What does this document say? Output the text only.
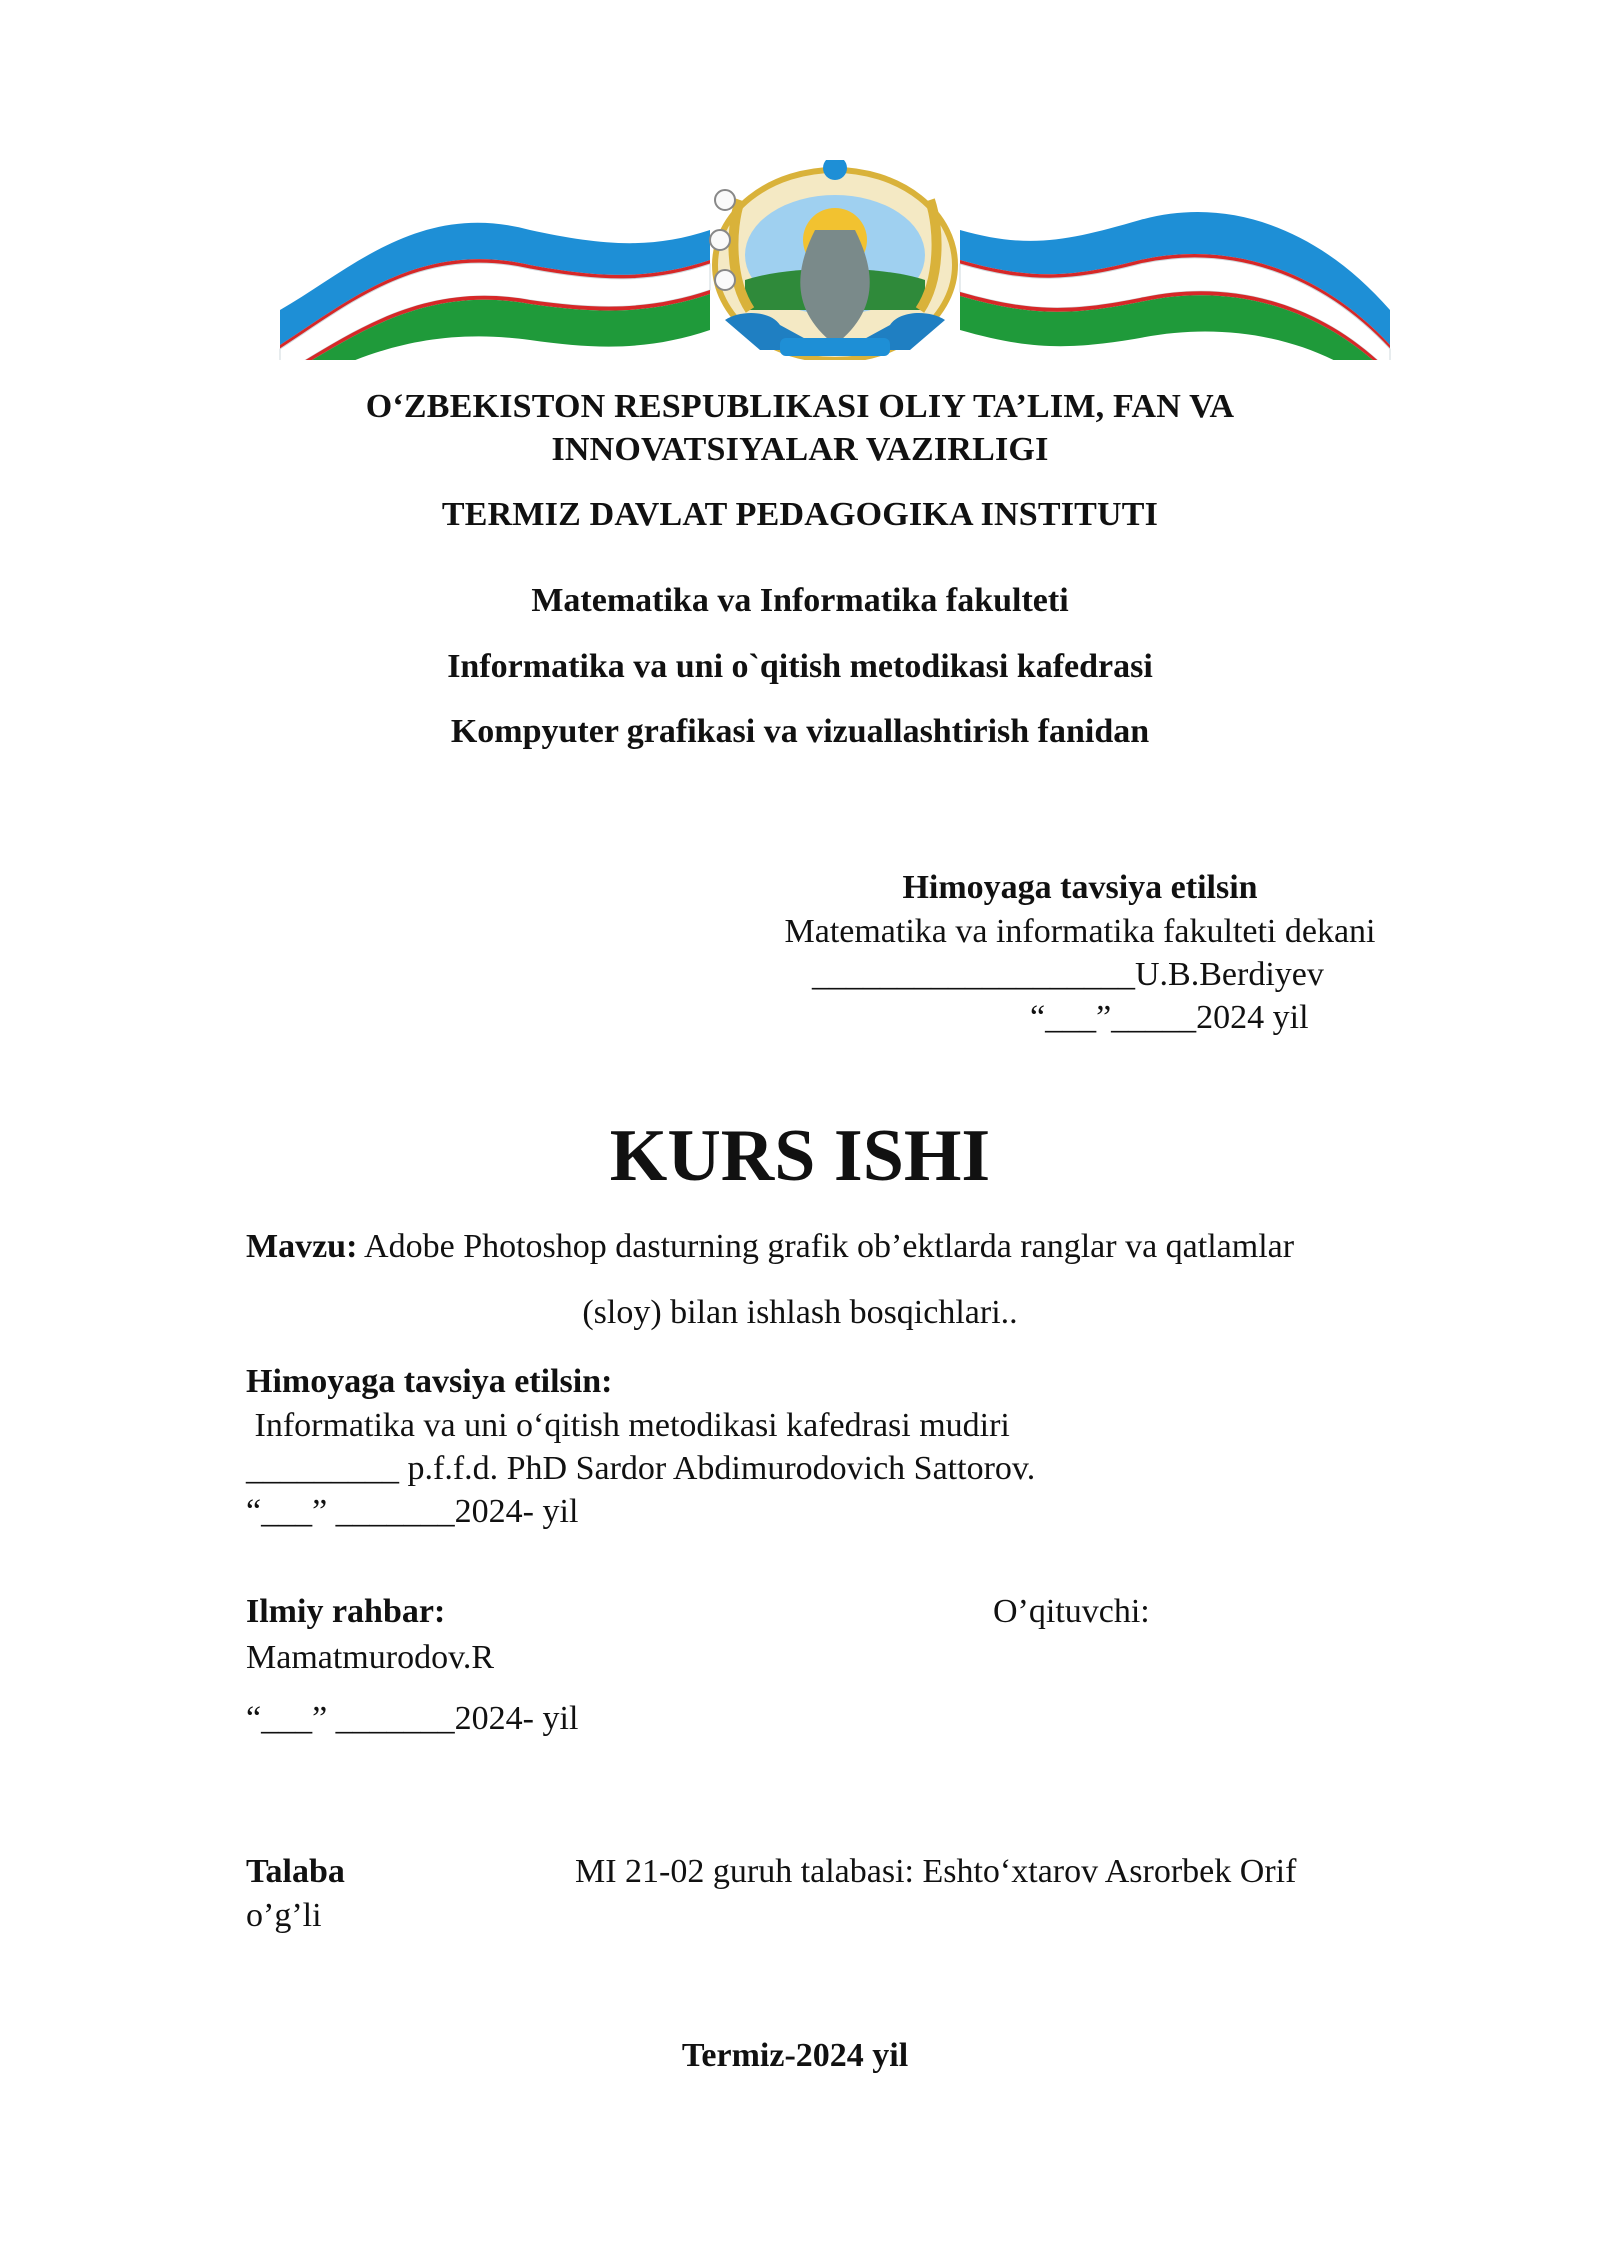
O‘ZBEKISTON RESPUBLIKASI OLIY TA’LIM, FAN VA
INNOVATSIYALAR VAZIRLIGI
TERMIZ DAVLAT PEDAGOGIKA INSTITUTI
Matematika va Informatika fakulteti
Informatika va uni o`qitish metodikasi kafedrasi
Kompyuter grafikasi va vizuallashtirish fanidan
Himoyaga tavsiya etilsin
Matematika va informatika fakulteti dekani
___________________U.B.Berdiyev
“___”_____2024 yil
KURS ISHI
Mavzu: Adobe Photoshop dasturning grafik ob’ektlarda ranglar va qatlamlar
(sloy) bilan ishlash bosqichlari..
Himoyaga tavsiya etilsin:
Informatika va uni o‘qitish metodikasi kafedrasi mudiri
_________ p.f.f.d. PhD Sardor Abdimurodovich Sattorov.
“___” _______2024- yil
Ilmiy rahbar:	O’qituvchi:
Mamatmurodov.R
“___” _______2024- yil
Talaba	MI 21-02 guruh talabasi: Eshto‘xtarov Asrorbek Orif
o’g’li
Termiz-2024 yil
